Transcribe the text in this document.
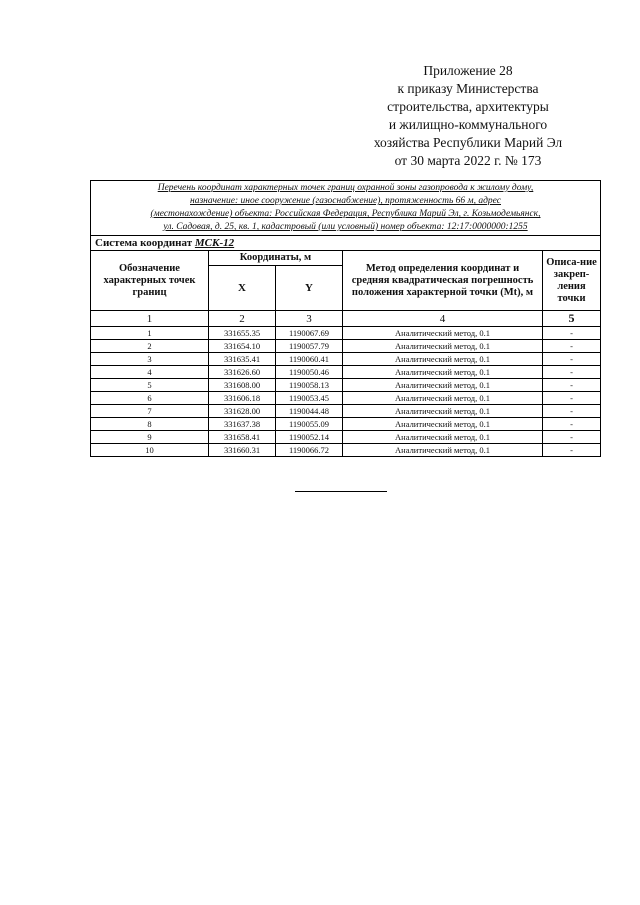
Приложение 28
к приказу Министерства
строительства, архитектуры
и жилищно-коммунального
хозяйства Республики Марий Эл
от 30 марта 2022 г. № 173
Перечень координат характерных точек границ охранной зоны газопровода к жилому дому,
назначение: иное сооружение (газоснабжение), протяженность 66 м, адрес
(местонахождение) объекта: Российская Федерация, Республика Марий Эл, г. Козьмодемьянск,
ул. Садовая, д. 25, кв. 1, кадастровый (или условный) номер объекта: 12:17:0000000:1255				

Система координат МСК-12				
Обозначение характерных точек границ	Координаты, м		Метод определения координат и средняя квадратическая погрешность положения характерной точки (Mt), м	Описа-ние закреп-ления точки
	X	Y		
1	2	3	4	5
1	331655.35	1190067.69	Аналитический метод, 0.1	-
2	331654.10	1190057.79	Аналитический метод, 0.1	-
3	331635.41	1190060.41	Аналитический метод, 0.1	-
4	331626.60	1190050.46	Аналитический метод, 0.1	-
5	331608.00	1190058.13	Аналитический метод, 0.1	-
6	331606.18	1190053.45	Аналитический метод, 0.1	-
7	331628.00	1190044.48	Аналитический метод, 0.1	-
8	331637.38	1190055.09	Аналитический метод, 0.1	-
9	331658.41	1190052.14	Аналитический метод, 0.1	-
10	331660.31	1190066.72	Аналитический метод, 0.1	-
